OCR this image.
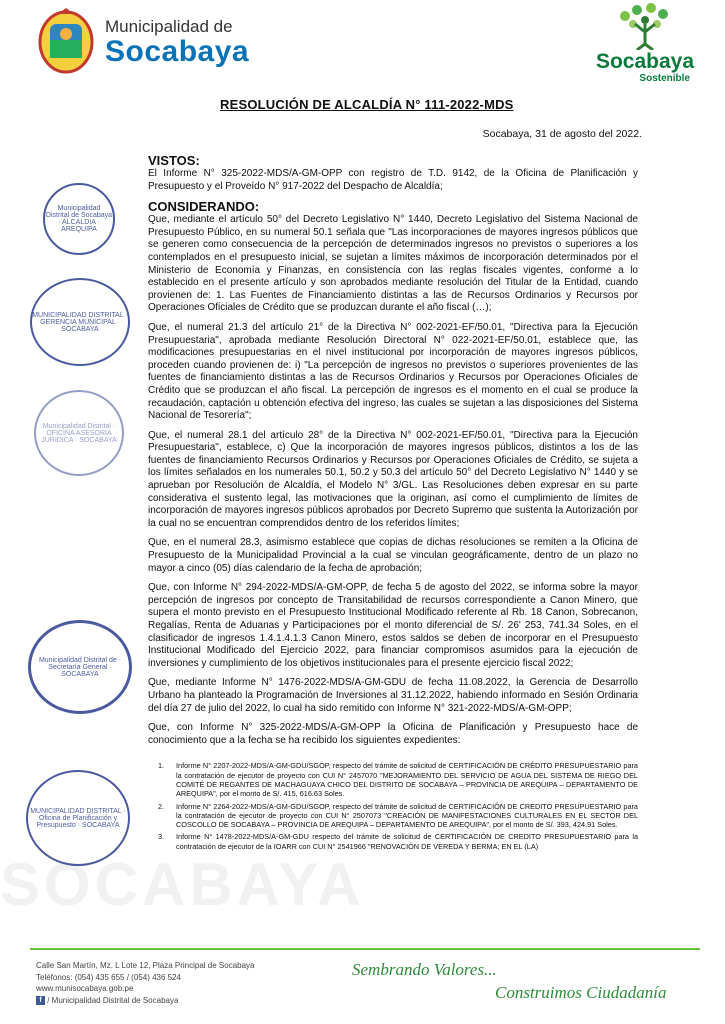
Municipalidad de
Socabaya	Socabaya
Sostenible
SOCABAYA
RESOLUCIÓN DE ALCALDÍA N° 111-2022-MDS
Socabaya, 31 de agosto del 2022.
Municipalidad Distrital de Socabaya · ALCALDIA · AREQUIPA
MUNICIPALIDAD DISTRITAL · GERENCIA MUNICIPAL · SOCABAYA
Municipalidad Distrital · OFICINA ASESORIA JURIDICA · SOCABAYA
Municipalidad Distrital de · Secretaría General · SOCABAYA
MUNICIPALIDAD DISTRITAL · Oficina de Planificación y Presupuesto · SOCABAYA
VISTOS:

El Informe N° 325-2022-MDS/A-GM-OPP con registro de T.D. 9142, de la Oficina de Planificación y Presupuesto y el Proveído N° 917-2022 del Despacho de Alcaldía;

CONSIDERANDO:

Que, mediante el artículo 50° del Decreto Legislativo N° 1440, Decreto Legislativo del Sistema Nacional de Presupuesto Público, en su numeral 50.1 señala que "Las incorporaciones de mayores ingresos públicos que se generen como consecuencia de la percepción de determinados ingresos no previstos o superiores a los contemplados en el presupuesto inicial, se sujetan a límites máximos de incorporación determinados por el Ministerio de Economía y Finanzas, en consistencia con las reglas fiscales vigentes, conforme a lo establecido en el presente artículo y son aprobados mediante resolución del Titular de la Entidad, cuando provienen de: 1. Las Fuentes de Financiamiento distintas a las de Recursos Ordinarios y Recursos por Operaciones Oficiales de Crédito que se produzcan durante el año fiscal (…);

Que, el numeral 21.3 del artículo 21° de la Directiva N° 002-2021-EF/50.01, "Directiva para la Ejecución Presupuestaria", aprobada mediante Resolución Directoral N° 022-2021-EF/50.01, establece que, las modificaciones presupuestarias en el nivel institucional por incorporación de mayores ingresos públicos, proceden cuando provienen de: i) "La percepción de ingresos no previstos o superiores provenientes de las fuentes de financiamiento distintas a las de Recursos Ordinarios y Recursos por Operaciones Oficiales de Crédito que se produzcan el año fiscal. La percepción de ingresos es el momento en el cual se produce la recaudación, captación u obtención efectiva del ingreso, las cuales se sujetan a las disposiciones del Sistema Nacional de Tesorería";

Que, el numeral 28.1 del artículo 28° de la Directiva N° 002-2021-EF/50.01, "Directiva para la Ejecución Presupuestaria", establece, c) Que la incorporación de mayores ingresos públicos, distintos a los de las fuentes de financiamiento Recursos Ordinarios y Recursos por Operaciones Oficiales de Crédito, se sujeta a los límites señalados en los numerales 50.1, 50.2 y 50.3 del artículo 50° del Decreto Legislativo N° 1440 y se aprueban por Resolución de Alcaldía, el Modelo N° 3/GL. Las Resoluciones deben expresar en su parte considerativa el sustento legal, las motivaciones que la originan, así como el cumplimiento de límites de incorporación de mayores ingresos públicos aprobados por Decreto Supremo que sustenta la Autorización por la cual no se encuentran comprendidos dentro de los referidos límites;

Que, en el numeral 28.3, asimismo establece que copias de dichas resoluciones se remiten a la Oficina de Presupuesto de la Municipalidad Provincial a la cual se vinculan geográficamente, dentro de un plazo no mayor a cinco (05) días calendario de la fecha de aprobación;

Que, con Informe N° 294-2022-MDS/A-GM-OPP, de fecha 5 de agosto del 2022, se informa sobre la mayor percepción de ingresos por concepto de Transitabilidad de recursos correspondiente a Canon Minero, que supera el monto previsto en el Presupuesto Institucional Modificado referente al Rb. 18 Canon, Sobrecanon, Regalías, Renta de Aduanas y Participaciones por el monto diferencial de S/. 26' 253, 741.34 Soles, en el clasificador de ingresos 1.4.1.4.1.3 Canon Minero, estos saldos se deben de incorporar en el Presupuesto Institucional Modificado del Ejercicio 2022, para financiar compromisos asumidos para la ejecución de inversiones y cumplimiento de los objetivos institucionales para el presente ejercicio fiscal 2022;

Que, mediante Informe N° 1476-2022-MDS/A-GM-GDU de fecha 11.08.2022, la Gerencia de Desarrollo Urbano ha planteado la Programación de Inversiones al 31.12.2022, habiendo informado en Sesión Ordinaria del día 27 de julio del 2022, lo cual ha sido remitido con Informe N° 321-2022-MDS/A-GM-OPP;

Que, con Informe N° 325-2022-MDS/A-GM-OPP la Oficina de Planificación y Presupuesto hace de conocimiento que a la fecha se ha recibido los siguientes expedientes:

1. Informe N° 2207-2022-MDS/A-GM-GDU/SGOP, respecto del trámite de solicitud de CERTIFICACIÓN DE CRÉDITO PRESUPUESTARIO para la contratación de ejecutor de proyecto con CUI N° 2457070 "MEJORAMIENTO DEL SERVICIO DE AGUA DEL SISTEMA DE RIEGO DEL COMITÉ DE REGANTES DE MACHAGUAYA CHICO DEL DISTRITO DE SOCABAYA – PROVINCIA DE AREQUIPA – DEPARTAMENTO DE AREQUIPA", por el monto de S/. 415, 616.63 Soles.
2. Informe N° 2264-2022-MDS/A-GM-GDU/SGOP, respecto del trámite de solicitud de CERTIFICACIÓN DE CREDITO PRESUPUESTARIO para la contratación de ejecutor de proyecto con CUI N° 2507073 "CREACIÓN DE MANIFESTACIONES CULTURALES EN EL SECTOR DEL COSCOLLO DE SOCABAYA – PROVINCIA DE AREQUIPA – DEPARTAMENTO DE AREQUIPA", por el monto de S/. 393, 424.91 Soles.
3. Informe N° 1478-2022-MDS/A-GM-GDU respecto del trámite de solicitud de CERTIFICACIÓN DE CREDITO PRESUPUESTARIO para la contratación de ejecutor de la IOARR con CUI N° 2541966 "RENOVACIÓN DE VEREDA Y BERMA; EN EL (LA)
Calle San Martín, Mz. L Lote 12, Plaza Principal de Socabaya
Teléfonos: (054) 435 655 / (054) 436 524
www.munisocabaya.gob.pe
f / Municipalidad Distrital de Socabaya
Sembrando Valores...
Construimos Ciudadanía
